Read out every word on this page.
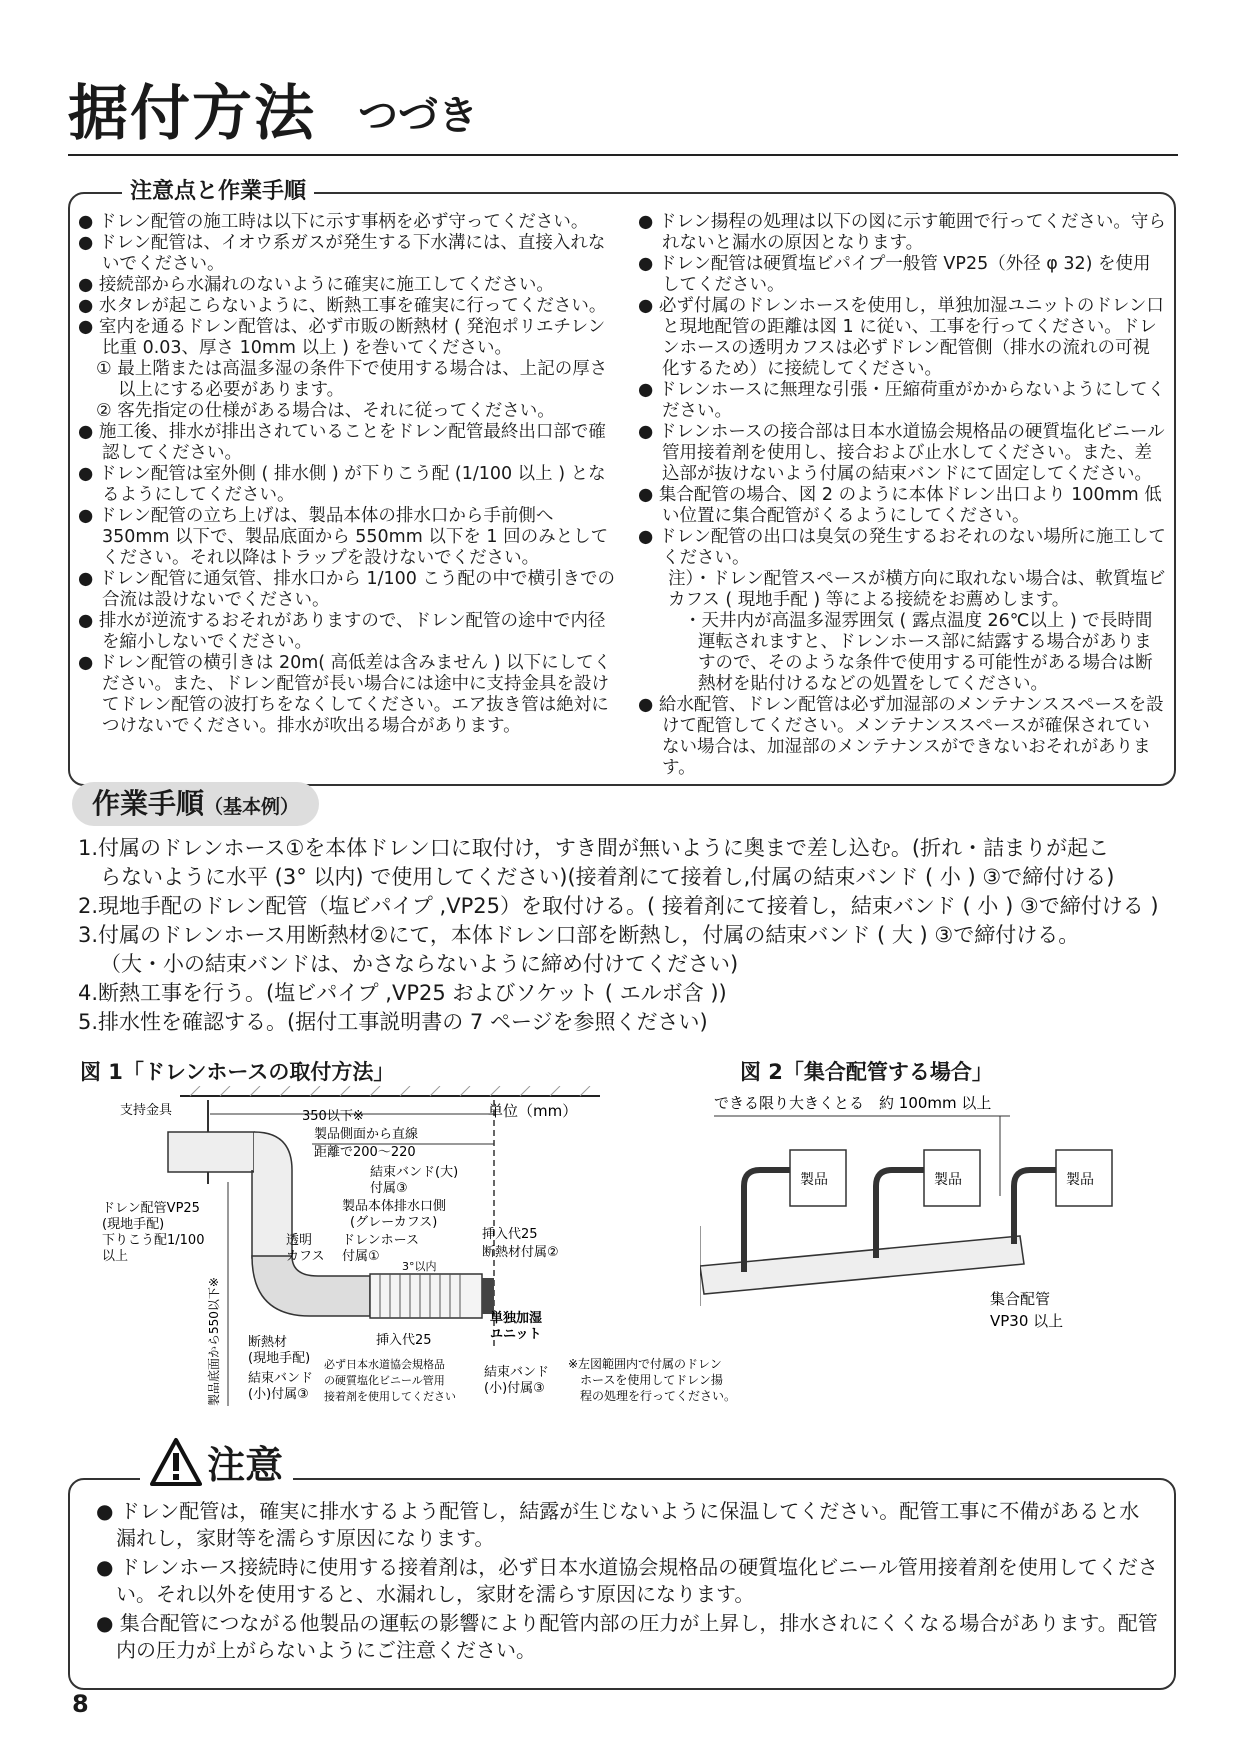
据付方法 つづき
注意点と作業手順

● ドレン配管の施工時は以下に示す事柄を必ず守ってください。

● ドレン配管は、イオウ系ガスが発生する下水溝には、直接入れないでください。

● 接続部から水漏れのないように確実に施工してください。

● 水タレが起こらないように、断熱工事を確実に行ってください。

● 室内を通るドレン配管は、必ず市販の断熱材 ( 発泡ポリエチレン比重 0.03、厚さ 10mm 以上 ) を巻いてください。

① 最上階または高温多湿の条件下で使用する場合は、上記の厚さ以上にする必要があります。

② 客先指定の仕様がある場合は、それに従ってください。

● 施工後、排水が排出されていることをドレン配管最終出口部で確認してください。

● ドレン配管は室外側 ( 排水側 ) が下りこう配 (1/100 以上 ) となるようにしてください。

● ドレン配管の立ち上げは、製品本体の排水口から手前側へ 350mm 以下で、製品底面から 550mm 以下を 1 回のみとしてください。それ以降はトラップを設けないでください。

● ドレン配管に通気管、排水口から 1/100 こう配の中で横引きでの合流は設けないでください。

● 排水が逆流するおそれがありますので、ドレン配管の途中で内径を縮小しないでください。

● ドレン配管の横引きは 20m( 高低差は含みません ) 以下にしてください。また、ドレン配管が長い場合には途中に支持金具を設けてドレン配管の波打ちをなくしてください。エア抜き管は絶対につけないでください。排水が吹出る場合があります。

● ドレン揚程の処理は以下の図に示す範囲で行ってください。守られないと漏水の原因となります。

● ドレン配管は硬質塩ビパイプ一般管 VP25（外径 φ 32) を使用してください。

● 必ず付属のドレンホースを使用し，単独加湿ユニットのドレン口と現地配管の距離は図 1 に従い、工事を行ってください。ドレンホースの透明カフスは必ずドレン配管側（排水の流れの可視化するため）に接続してください。

● ドレンホースに無理な引張・圧縮荷重がかからないようにしてください。

● ドレンホースの接合部は日本水道協会規格品の硬質塩化ビニール管用接着剤を使用し、接合および止水してください。また、差込部が抜けないよう付属の結束バンドにて固定してください。

● 集合配管の場合、図 2 のように本体ドレン出口より 100mm 低い位置に集合配管がくるようにしてください。

● ドレン配管の出口は臭気の発生するおそれのない場所に施工してください。

注）・ドレン配管スペースが横方向に取れない場合は、軟質塩ビカフス ( 現地手配 ) 等による接続をお薦めします。

・天井内が高温多湿雰囲気 ( 露点温度 26℃以上 ) で長時間運転されますと、ドレンホース部に結露する場合がありますので、そのような条件で使用する可能性がある場合は断熱材を貼付けるなどの処置をしてください。

● 給水配管、ドレン配管は必ず加湿部のメンテナンススペースを設けて配管してください。メンテナンススペースが確保されていない場合は、加湿部のメンテナンスができないおそれがあります。

作業手順（基本例）

1.付属のドレンホース①を本体ドレン口に取付け，すき間が無いように奥まで差し込む。(折れ・詰まりが起こ

らないように水平 (3° 以内) で使用してください)(接着剤にて接着し,付属の結束バンド ( 小 ) ③で締付ける)

2.現地手配のドレン配管（塩ビパイプ ,VP25）を取付ける。( 接着剤にて接着し，結束バンド ( 小 ) ③で締付ける )

3.付属のドレンホース用断熱材②にて，本体ドレン口部を断熱し，付属の結束バンド ( 大 ) ③で締付ける。

（大・小の結束バンドは、かさならないように締め付けてください)

4.断熱工事を行う。(塩ビパイプ ,VP25 およびソケット ( エルボ含 ))

5.排水性を確認する。(据付工事説明書の 7 ページを参照ください)

図 1「ドレンホースの取付方法」
支持金具	350以下※	単位（mm）
製品側面から直線
距離で200～220
結束バンド(大)
付属③
製品本体排水口側
(グレーカフス)
ドレン配管VP25
(現地手配)
下りこう配1/100
以上
透明
カフス
ドレンホース
付属①
3°以内
挿入代25
断熱材付属②
単独加湿
ユニット
製品底面から550以下※ 断熱材
(現地手配)
結束バンド
(小)付属③
挿入代25
必ず日本水道協会規格品
の硬質塩化ビニール管用
接着剤を使用してください
結束バンド
(小)付属③
※左図範囲内で付属のドレン
ホースを使用してドレン揚
程の処理を行ってください。
図 2「集合配管する場合」
できる限り大きくとる　約 100mm 以上
製品	製品	製品
集合配管
VP30 以上
注意

● ドレン配管は，確実に排水するよう配管し，結露が生じないように保温してください。配管工事に不備があると水漏れし，家財等を濡らす原因になります。

● ドレンホース接続時に使用する接着剤は，必ず日本水道協会規格品の硬質塩化ビニール管用接着剤を使用してください。それ以外を使用すると、水漏れし，家財を濡らす原因になります。

● 集合配管につながる他製品の運転の影響により配管内部の圧力が上昇し，排水されにくくなる場合があります。配管内の圧力が上がらないようにご注意ください。

8
